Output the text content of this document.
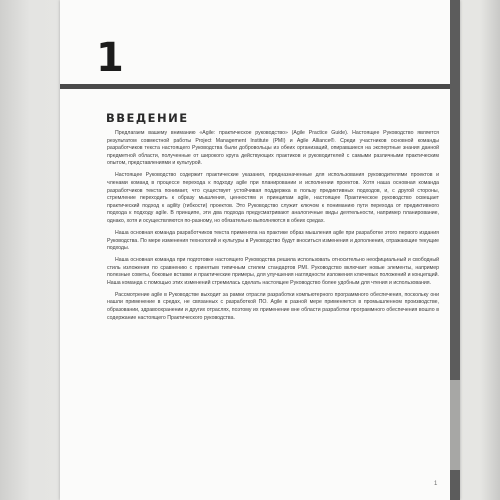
1
ВВЕДЕНИЕ

Предлагаем вашему вниманию «Agile: практическое руководство» (Agile Practice Guide). Настоящее Руководство является результатом совместной работы Project Management Institute (PMI) и Agile Alliance®. Среди участников основной команды разработчиков текста настоящего Руководства были добровольцы из обеих организаций, опиравшиеся на экспертные знания данной предметной области, полученные от широкого круга действующих практиков и руководителей с самыми различными практическим опытом, представлениями и культурой.

Настоящее Руководство содержит практические указания, предназначенные для использования руководителями проектов и членами команд в процессе перехода к подходу agile при планировании и исполнении проектов. Хотя наша основная команда разработчиков текста понимает, что существует устойчивая поддержка в пользу предиктивных подходов, и, с другой стороны, стремление переходить к образу мышления, ценностям и принципам agile, настоящее Практическое руководство освещает практический подход к agility (гибкости) проектов. Это Руководство служит ключом к пониманию пути перехода от предиктивного подхода к подходу agile. В принципе, эти два подхода предусматривают аналогичные виды деятельности, например планирование, однако, хотя и осуществляются по-разному, но обязательно выполняются в обеих средах.

Наша основная команда разработчиков текста применяла на практике образ мышления agile при разработке этого первого издания Руководства. По мере изменения технологий и культуры в Руководство будут вноситься изменения и дополнения, отражающие текущие подходы.

Наша основная команда при подготовке настоящего Руководства решила использовать относительно неофициальный и свободный стиль изложения по сравнению с принятым типичным стилем стандартов PMI. Руководство включает новые элементы, например полезные советы, боковые вставки и практические примеры, для улучшения наглядности изложения ключевых положений и концепций. Наша команда с помощью этих изменений стремилась сделать настоящее Руководство более удобным для чтения и использования.

Рассмотрение agile в Руководстве выходит за рамки отрасли разработки компьютерного программного обеспечения, поскольку они нашли применение в средах, не связанных с разработкой ПО. Agile в разной мере применяется в промышленном производстве, образовании, здравоохранении и других отраслях, поэтому их применение вне области разработки программного обеспечения вошло в содержание настоящего Практического руководства.

1
